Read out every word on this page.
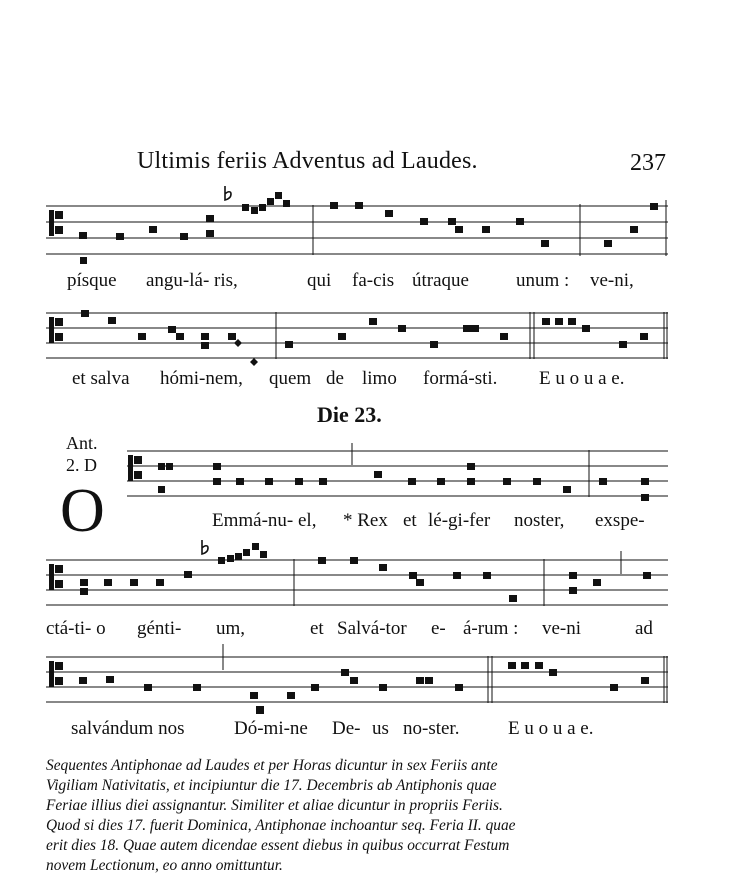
Ultimis feriis Adventus ad Laudes.	237
písque angu-lá- ris,	qui fa-cis útraque unum : ve-ni,
et salva hómi-nem, quem de limo formá-sti. E u o u a e.
Die 23.
Ant.
2. D
O	Emmá-nu- el, * Rex et lé-gi-fer noster, exspe-
ctá-ti- o génti- um,	et Salvá-tor e- á-rum : ve-ni	ad
salvándum nos	Dó-mi-ne De- us no-ster.	E u o u a e.
Sequentes Antiphonae ad Laudes et per Horas dicuntur in sex Feriis ante
Vigiliam Nativitatis, et incipiuntur die 17. Decembris ab Antiphonis quae
Feriae illius diei assignantur. Similiter et aliae dicuntur in propriis Feriis.
Quod si dies 17. fuerit Dominica, Antiphonae inchoantur seq. Feria II. quae
erit dies 18. Quae autem dicendae essent diebus in quibus occurrat Festum
novem Lectionum, eo anno omittuntur.
